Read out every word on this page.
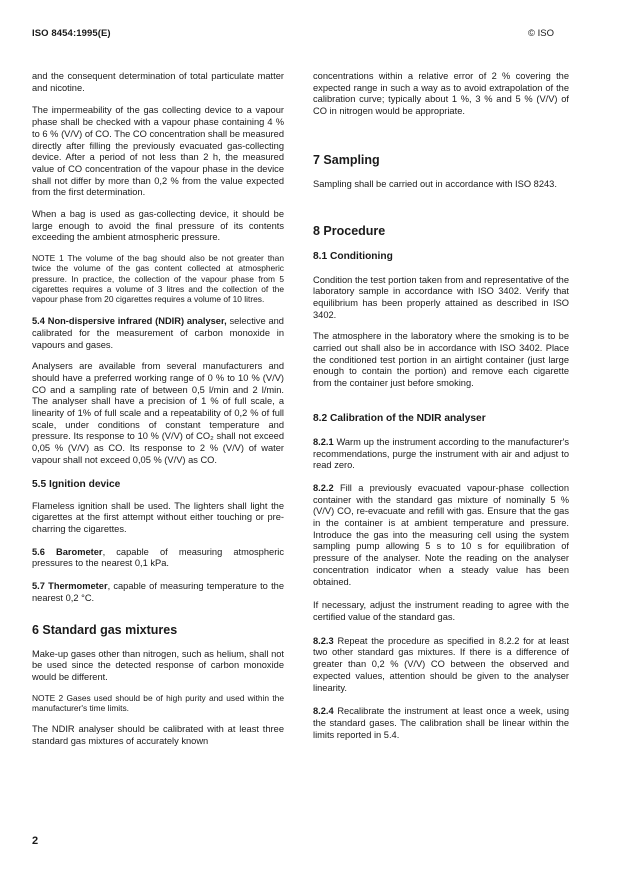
ISO 8454:1995(E)	© ISO

and the consequent determination of total particulate matter and nicotine.

The impermeability of the gas collecting device to a vapour phase shall be checked with a vapour phase containing 4 % to 6 % (V/V) of CO. The CO concentration shall be measured directly after filling the previously evacuated gas-collecting device. After a period of not less than 2 h, the measured value of CO concentration of the vapour phase in the device shall not differ by more than 0,2 % from the value expected from the first determination.

When a bag is used as gas-collecting device, it should be large enough to avoid the final pressure of its contents exceeding the ambient atmospheric pressure.

NOTE 1 The volume of the bag should also be not greater than twice the volume of the gas content collected at atmospheric pressure. In practice, the collection of the vapour phase from 5 cigarettes requires a volume of 3 litres and the collection of the vapour phase from 20 cigarettes requires a volume of 10 litres.

5.4 Non-dispersive infrared (NDIR) analyser, selective and calibrated for the measurement of carbon monoxide in vapours and gases.

Analysers are available from several manufacturers and should have a preferred working range of 0 % to 10 % (V/V) CO and a sampling rate of between 0,5 l/min and 2 l/min. The analyser shall have a precision of 1 % of full scale, a linearity of 1% of full scale and a repeatability of 0,2 % of full scale, under conditions of constant temperature and pressure. Its response to 10 % (V/V) of CO₂ shall not exceed 0,05 % (V/V) as CO. Its response to 2 % (V/V) of water vapour shall not exceed 0,05 % (V/V) as CO.

5.5 Ignition device

Flameless ignition shall be used. The lighters shall light the cigarettes at the first attempt without either touching or pre-charring the cigarettes.

5.6 Barometer, capable of measuring atmospheric pressures to the nearest 0,1 kPa.

5.7 Thermometer, capable of measuring temperature to the nearest 0,2 °C.

6 Standard gas mixtures

Make-up gases other than nitrogen, such as helium, shall not be used since the detected response of carbon monoxide would be different.

NOTE 2 Gases used should be of high purity and used within the manufacturer's time limits.

The NDIR analyser should be calibrated with at least three standard gas mixtures of accurately known

concentrations within a relative error of 2 % covering the expected range in such a way as to avoid extrapolation of the calibration curve; typically about 1 %, 3 % and 5 % (V/V) of CO in nitrogen would be appropriate.

7 Sampling

Sampling shall be carried out in accordance with ISO 8243.

8 Procedure
8.1 Conditioning

Condition the test portion taken from and representative of the laboratory sample in accordance with ISO 3402. Verify that equilibrium has been properly attained as described in ISO 3402.

The atmosphere in the laboratory where the smoking is to be carried out shall also be in accordance with ISO 3402. Place the conditioned test portion in an airtight container (just large enough to contain the portion) and remove each cigarette from the container just before smoking.

8.2 Calibration of the NDIR analyser

8.2.1 Warm up the instrument according to the manufacturer's recommendations, purge the instrument with air and adjust to read zero.

8.2.2 Fill a previously evacuated vapour-phase collection container with the standard gas mixture of nominally 5 % (V/V) CO, re-evacuate and refill with gas. Ensure that the gas in the container is at ambient temperature and pressure. Introduce the gas into the measuring cell using the system sampling pump allowing 5 s to 10 s for equilibration of pressure of the analyser. Note the reading on the analyser concentration indicator when a steady value has been obtained.

If necessary, adjust the instrument reading to agree with the certified value of the standard gas.

8.2.3 Repeat the procedure as specified in 8.2.2 for at least two other standard gas mixtures. If there is a difference of greater than 0,2 % (V/V) CO between the observed and expected values, attention should be given to the analyser linearity.

8.2.4 Recalibrate the instrument at least once a week, using the standard gases. The calibration shall be linear within the limits reported in 5.4.

2
